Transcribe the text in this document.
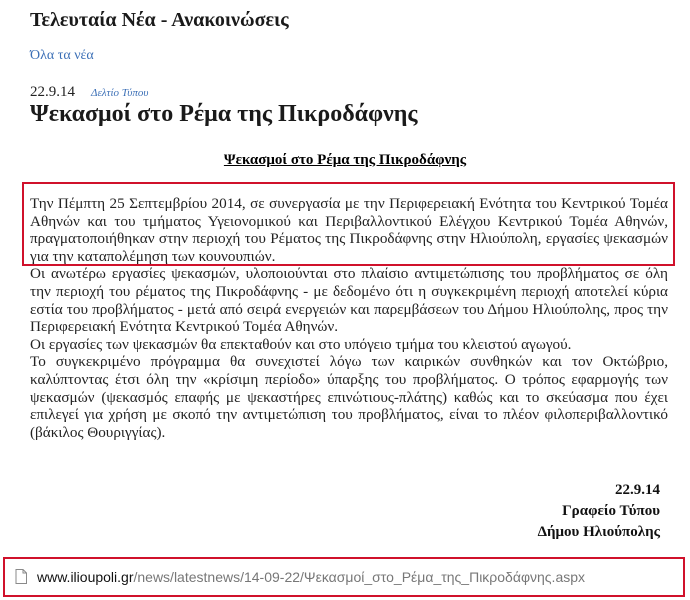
Τελευταία Νέα - Ανακοινώσεις
Όλα τα νέα
22.9.14 Δελτίο Τύπου
Ψεκασμοί στο Ρέμα της Πικροδάφνης
Ψεκασμοί στο Ρέμα της Πικροδάφνης

Την Πέμπτη 25 Σεπτεμβρίου 2014, σε συνεργασία με την Περιφερειακή Ενότητα του Κεντρικού Τομέα Αθηνών και του τμήματος Υγειονομικού και Περιβαλλοντικού Ελέγχου Κεντρικού Τομέα Αθηνών, πραγματοποιήθηκαν στην περιοχή του Ρέματος της Πικροδάφνης στην Ηλιούπολη, εργασίες ψεκασμών για την καταπολέμηση των κουνουπιών.

Οι ανωτέρω εργασίες ψεκασμών, υλοποιούνται στο πλαίσιο αντιμετώπισης του προβλήματος σε όλη την περιοχή του ρέματος της Πικροδάφνης - με δεδομένο ότι η συγκεκριμένη περιοχή αποτελεί κύρια εστία του προβλήματος - μετά από σειρά ενεργειών και παρεμβάσεων του Δήμου Ηλιούπολης, προς την Περιφερειακή Ενότητα Κεντρικού Τομέα Αθηνών.

Οι εργασίες των ψεκασμών θα επεκταθούν και στο υπόγειο τμήμα του κλειστού αγωγού.

Το συγκεκριμένο πρόγραμμα θα συνεχιστεί λόγω των καιρικών συνθηκών και τον Οκτώβριο, καλύπτοντας έτσι όλη την «κρίσιμη περίοδο» ύπαρξης του προβλήματος. Ο τρόπος εφαρμογής των ψεκασμών (ψεκασμός επαφής με ψεκαστήρες επινώτιους-πλάτης) καθώς και το σκεύασμα που έχει επιλεγεί για χρήση με σκοπό την αντιμετώπιση του προβλήματος, είναι το πλέον φιλοπεριβαλλοντικό (βάκιλος Θουριγγίας).

22.9.14
Γραφείο Τύπου
Δήμου Ηλιούπολης
www.ilioupoli.gr/news/latestnews/14-09-22/Ψεκασμοί_στο_Ρέμα_της_Πικροδάφνης.aspx
